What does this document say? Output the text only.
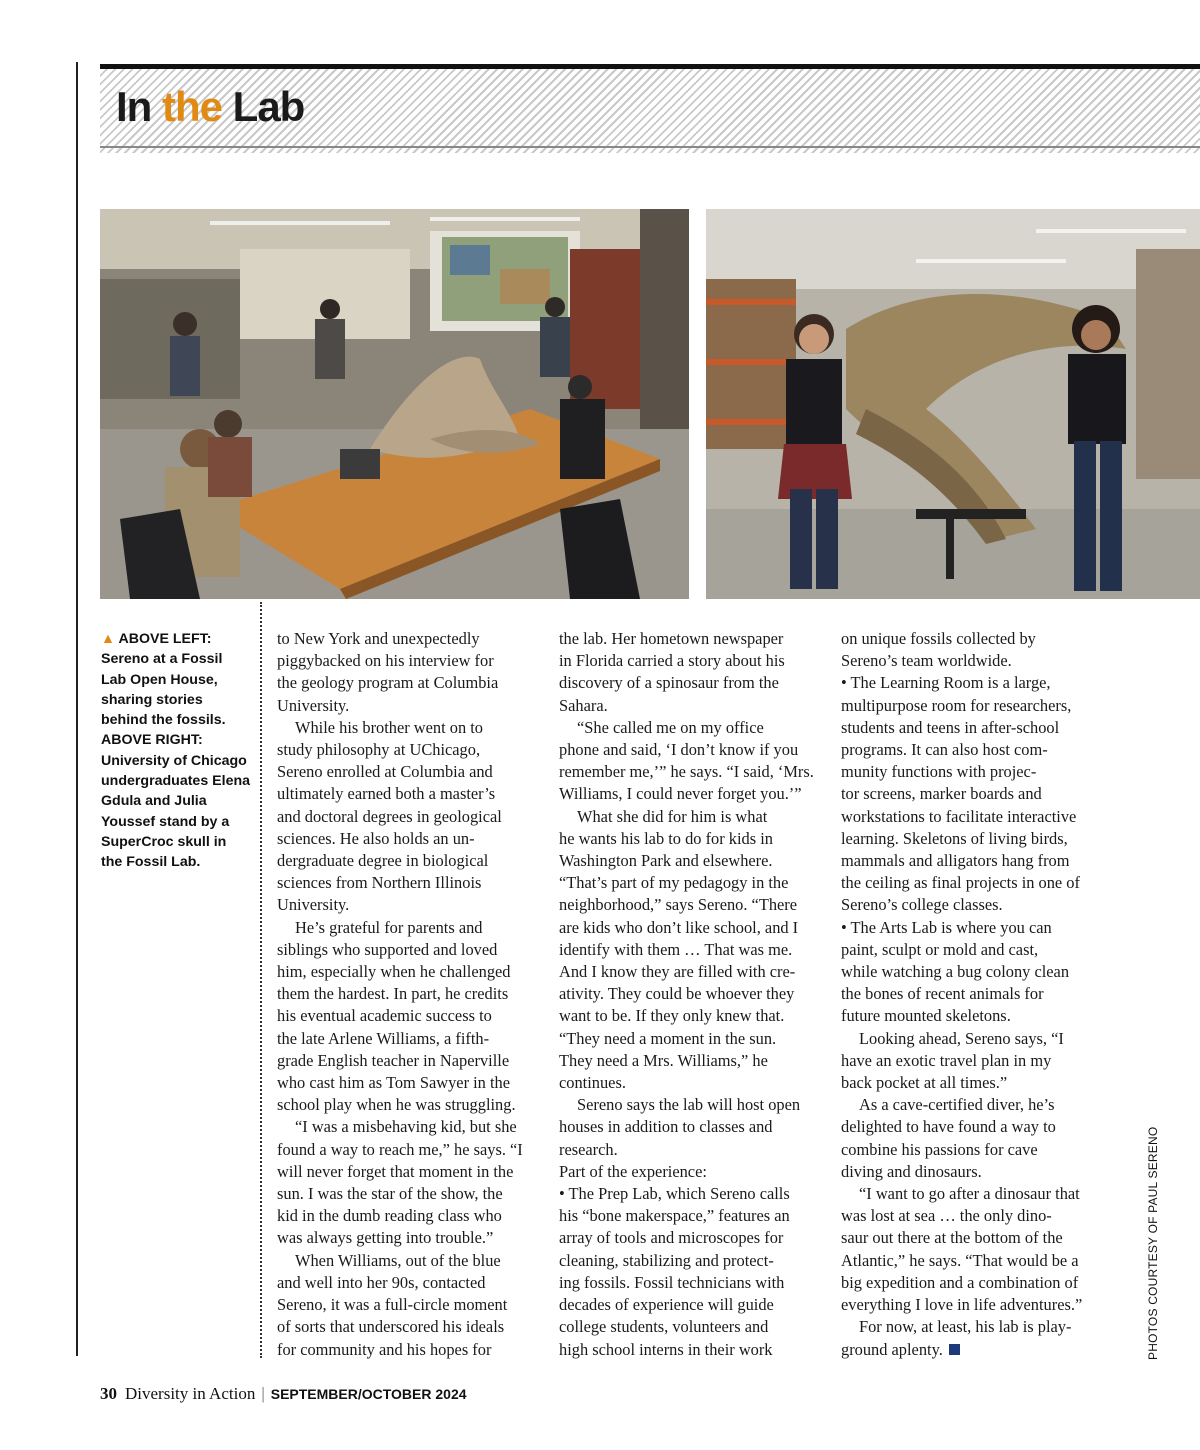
In the Lab
▲ ABOVE LEFT: Sereno at a Fossil Lab Open House, sharing stories behind the fossils. ABOVE RIGHT: University of Chicago undergraduates Elena Gdula and Julia Youssef stand by a SuperCroc skull in the Fossil Lab.

to New York and unexpectedly
piggybacked on his interview for
the geology program at Columbia
University.

While his brother went on to
study philosophy at UChicago,
Sereno enrolled at Columbia and
ultimately earned both a master’s
and doctoral degrees in geological
sciences. He also holds an un-
dergraduate degree in biological
sciences from Northern Illinois
University.

He’s grateful for parents and
siblings who supported and loved
him, especially when he challenged
them the hardest. In part, he credits
his eventual academic success to
the late Arlene Williams, a fifth-
grade English teacher in Naperville
who cast him as Tom Sawyer in the
school play when he was struggling.

“I was a misbehaving kid, but she
found a way to reach me,” he says. “I
will never forget that moment in the
sun. I was the star of the show, the
kid in the dumb reading class who
was always getting into trouble.”

When Williams, out of the blue
and well into her 90s, contacted
Sereno, it was a full-circle moment
of sorts that underscored his ideals
for community and his hopes for

the lab. Her hometown newspaper
in Florida carried a story about his
discovery of a spinosaur from the
Sahara.

“She called me on my office
phone and said, ‘I don’t know if you
remember me,’” he says. “I said, ‘Mrs.
Williams, I could never forget you.’”

What she did for him is what
he wants his lab to do for kids in
Washington Park and elsewhere.
“That’s part of my pedagogy in the
neighborhood,” says Sereno. “There
are kids who don’t like school, and I
identify with them … That was me.
And I know they are filled with cre-
ativity. They could be whoever they
want to be. If they only knew that.
“They need a moment in the sun.
They need a Mrs. Williams,” he
continues.

Sereno says the lab will host open
houses in addition to classes and
research.

Part of the experience:

• The Prep Lab, which Sereno calls
his “bone makerspace,” features an
array of tools and microscopes for
cleaning, stabilizing and protect-
ing fossils. Fossil technicians with
decades of experience will guide
college students, volunteers and
high school interns in their work

on unique fossils collected by
Sereno’s team worldwide.

• The Learning Room is a large,
multipurpose room for researchers,
students and teens in after-school
programs. It can also host com-
munity functions with projec-
tor screens, marker boards and
workstations to facilitate interactive
learning. Skeletons of living birds,
mammals and alligators hang from
the ceiling as final projects in one of
Sereno’s college classes.

• The Arts Lab is where you can
paint, sculpt or mold and cast,
while watching a bug colony clean
the bones of recent animals for
future mounted skeletons.

Looking ahead, Sereno says, “I
have an exotic travel plan in my
back pocket at all times.”

As a cave-certified diver, he’s
delighted to have found a way to
combine his passions for cave
diving and dinosaurs.

“I want to go after a dinosaur that
was lost at sea … the only dino-
saur out there at the bottom of the
Atlantic,” he says. “That would be a
big expedition and a combination of
everything I love in life adventures.”

For now, at least, his lab is play-
ground aplenty.	PHOTOS COURTESY OF PAUL SERENO
30 Diversity in Action | SEPTEMBER/OCTOBER 2024
